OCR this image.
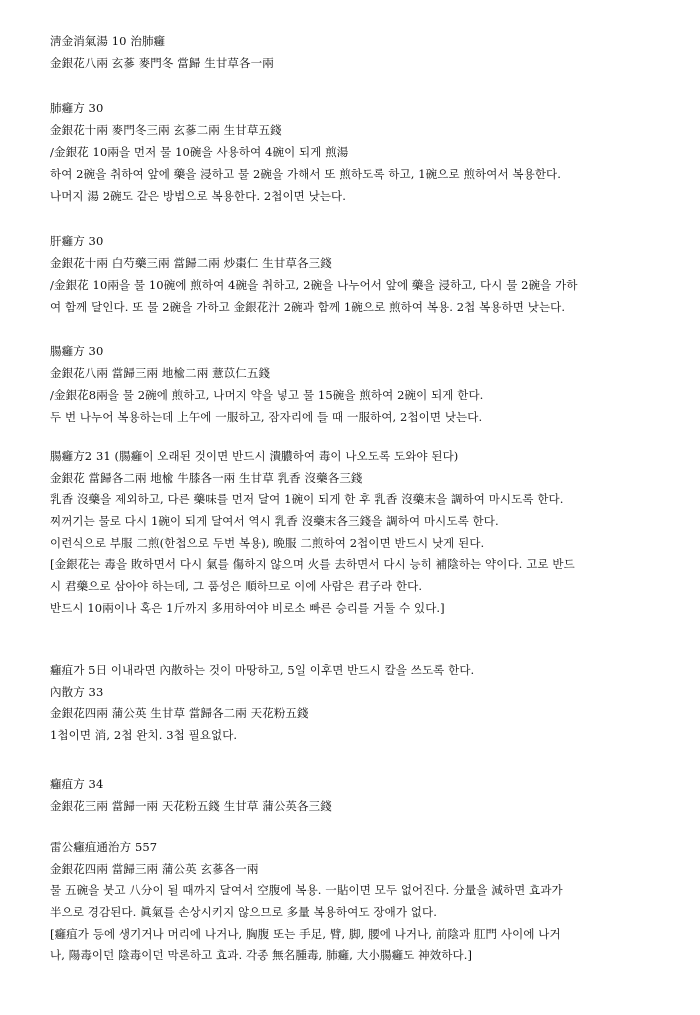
淸金消氣湯 10 治肺癰
金銀花八兩 玄蔘 麥門冬 當歸 生甘草各一兩
肺癰方 30
金銀花十兩 麥門冬三兩 玄蔘二兩 生甘草五錢
/金銀花 10兩을 먼저 물 10碗을 사용하여 4碗이 되게 煎湯
하여 2碗을 취하여 앞에 藥을 浸하고 물 2碗을 가해서 또 煎하도록 하고, 1碗으로 煎하여서 복용한다.
나머지 湯 2碗도 같은 방법으로 복용한다. 2첩이면 낫는다.
肝癰方 30
金銀花十兩 白芍藥三兩 當歸二兩 炒棗仁 生甘草各三錢
/金銀花 10兩을 물 10碗에 煎하여 4碗을 취하고, 2碗을 나누어서 앞에 藥을 浸하고, 다시 물 2碗을 가하
여 함께 달인다. 또 물 2碗을 가하고 金銀花汁 2碗과 함께 1碗으로 煎하여 복용. 2첩 복용하면 낫는다.
腸癰方 30
金銀花八兩 當歸三兩 地楡二兩 薏苡仁五錢
/金銀花8兩을 물 2碗에 煎하고, 나머지 약을 넣고 물 15碗을 煎하여 2碗이 되게 한다.
두 번 나누어 복용하는데 上午에 一服하고, 잠자리에 들 때 一服하여, 2첩이면 낫는다.
腸癰方2 31 (腸癰이 오래된 것이면 반드시 潰膿하여 毒이 나오도록 도와야 된다)
金銀花 當歸各二兩 地楡 牛膝各一兩 生甘草 乳香 沒藥各三錢
乳香 沒藥을 제외하고, 다른 藥味를 먼저 달여 1碗이 되게 한 후 乳香 沒藥末을 調하여 마시도록 한다.
찌꺼기는 물로 다시 1碗이 되게 달여서 역시 乳香 沒藥末各三錢을 調하여 마시도록 한다.
이런식으로 부服 二煎(한첩으로 두번 복용), 晩服 二煎하여 2첩이면 반드시 낫게 된다.
[金銀花는 毒을 敗하면서 다시 氣를 傷하지 않으며 火를 去하면서 다시 능히 補陰하는 약이다. 고로 반드
시 君藥으로 삼아야 하는데, 그 품성은 順하므로 이에 사람은 君子라 한다.
반드시 10兩이나 혹은 1斤까지 多用하여야 비로소 빠른 승리를 거둘 수 있다.]
癰疽가 5日 이내라면 內散하는 것이 마땅하고, 5일 이후면 반드시 칼을 쓰도록 한다.
內散方 33
金銀花四兩 蒲公英 生甘草 當歸各二兩 天花粉五錢
1첩이면 消, 2첩 완치. 3첩 필요없다.
癰疽方 34
金銀花三兩 當歸一兩 天花粉五錢 生甘草 蒲公英各三錢
雷公癰疽通治方 557
金銀花四兩 當歸三兩 蒲公英 玄蔘各一兩
물 五碗을 붓고 八分이 될 때까지 달여서 空腹에 복용. 一貼이면 모두 없어진다. 分量을 減하면 효과가
半으로 경감된다. 眞氣를 손상시키지 않으므로 多量 복용하여도 장애가 없다.
[癰疽가 등에 생기거나 머리에 나거나, 胸腹 또는 手足, 臂, 脚, 腰에 나거나, 前陰과 肛門 사이에 나거
나, 陽毒이던 陰毒이던 막론하고 효과. 각종 無名腫毒, 肺癰, 大小腸癰도 神效하다.]
